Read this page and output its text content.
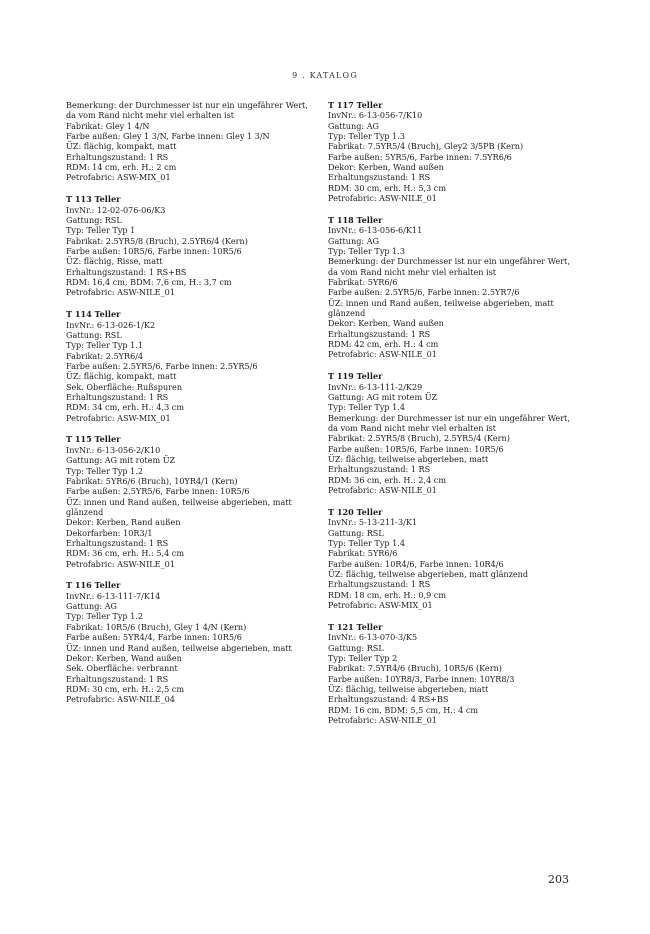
9 . KATALOG
Bemerkung: der Durchmesser ist nur ein ungefährer Wert, da vom Rand nicht mehr viel erhalten ist
Fabrikat: Gley 1 4/N
Farbe außen: Gley 1 3/N, Farbe innen: Gley 1 3/N
ÜZ: flächig, kompakt, matt
Erhaltungszustand: 1 RS
RDM: 14 cm, erh. H.: 2 cm
Petrofabric: ASW-MIX_01
T 113 Teller
InvNr.: 12-02-076-06/K3
Gattung: RSL
Typ: Teller Typ 1
Fabrikat: 2.5YR5/8 (Bruch), 2.5YR6/4 (Kern)
Farbe außen: 10R5/6, Farbe innen: 10R5/6
ÜZ: flächig, Risse, matt
Erhaltungszustand: 1 RS+BS
RDM: 16,4 cm, BDM: 7,6 cm, H.: 3,7 cm
Petrofabric: ASW-NILE_01
T 114 Teller
InvNr.: 6-13-026-1/K2
Gattung: RSL
Typ: Teller Typ 1.1
Fabrikat: 2.5YR6/4
Farbe außen: 2.5YR5/6, Farbe innen: 2.5YR5/6
ÜZ: flächig, kompakt, matt
Sek. Oberfläche: Rußspuren
Erhaltungszustand: 1 RS
RDM: 34 cm, erh. H.: 4,3 cm
Petrofabric: ASW-MIX_01
T 115 Teller
InvNr.: 6-13-056-2/K10
Gattung: AG mit rotem ÜZ
Typ: Teller Typ 1.2
Fabrikat: 5YR6/6 (Bruch), 10YR4/1 (Kern)
Farbe außen: 2.5YR5/6, Farbe innen: 10R5/6
ÜZ: innen und Rand außen, teilweise abgerieben, matt glänzend
Dekor: Kerben, Rand außen
Dekorfarben: 10R3/1
Erhaltungszustand: 1 RS
RDM: 36 cm, erh. H.: 5,4 cm
Petrofabric: ASW-NILE_01
T 116 Teller
InvNr.: 6-13-111-7/K14
Gattung: AG
Typ: Teller Typ 1.2
Fabrikat: 10R5/6 (Bruch), Gley 1 4/N (Kern)
Farbe außen: 5YR4/4, Farbe innen: 10R5/6
ÜZ: innen und Rand außen, teilweise abgerieben, matt
Dekor: Kerben, Wand außen
Sek. Oberfläche: verbrannt
Erhaltungszustand: 1 RS
RDM: 30 cm, erh. H.: 2,5 cm
Petrofabric: ASW-NILE_04
T 117 Teller
InvNr.: 6-13-056-7/K10
Gattung: AG
Typ: Teller Typ 1.3
Fabrikat: 7.5YR5/4 (Bruch), Gley2 3/5PB (Kern)
Farbe außen: 5YR5/6, Farbe innen: 7.5YR6/6
Dekor: Kerben, Wand außen
Erhaltungszustand: 1 RS
RDM: 30 cm, erh. H.: 5,3 cm
Petrofabric: ASW-NILE_01
T 118 Teller
InvNr.: 6-13-056-6/K11
Gattung: AG
Typ: Teller Typ 1.3
Bemerkung: der Durchmesser ist nur ein ungefährer Wert, da vom Rand nicht mehr viel erhalten ist
Fabrikat: 5YR6/6
Farbe außen: 2.5YR5/6, Farbe innen: 2.5YR7/6
ÜZ: innen und Rand außen, teilweise abgerieben, matt glänzend
Dekor: Kerben, Wand außen
Erhaltungszustand: 1 RS
RDM: 42 cm, erh. H.: 4 cm
Petrofabric: ASW-NILE_01
T 119 Teller
InvNr.: 6-13-111-2/K29
Gattung: AG mit rotem ÜZ
Typ: Teller Typ 1.4
Bemerkung: der Durchmesser ist nur ein ungefährer Wert, da vom Rand nicht mehr viel erhalten ist
Fabrikat: 2.5YR5/8 (Bruch), 2.5YR5/4 (Kern)
Farbe außen: 10R5/6, Farbe innen: 10R5/6
ÜZ: flächig, teilweise abgerieben, matt
Erhaltungszustand: 1 RS
RDM: 36 cm, erh. H.: 2,4 cm
Petrofabric: ASW-NILE_01
T 120 Teller
InvNr.: 5-13-211-3/K1
Gattung: RSL
Typ: Teller Typ 1.4
Fabrikat: 5YR6/6
Farbe außen: 10R4/6, Farbe innen: 10R4/6
ÜZ: flächig, teilweise abgerieben, matt glänzend
Erhaltungszustand: 1 RS
RDM: 18 cm, erh. H.: 0,9 cm
Petrofabric: ASW-MIX_01
T 121 Teller
InvNr.: 6-13-070-3/K5
Gattung: RSL
Typ: Teller Typ 2
Fabrikat: 7.5YR4/6 (Bruch), 10R5/6 (Kern)
Farbe außen: 10YR8/3, Farbe innen: 10YR8/3
ÜZ: flächig, teilweise abgerieben, matt
Erhaltungszustand: 4 RS+BS
RDM: 16 cm, BDM: 5,5 cm, H.: 4 cm
Petrofabric: ASW-NILE_01
203
